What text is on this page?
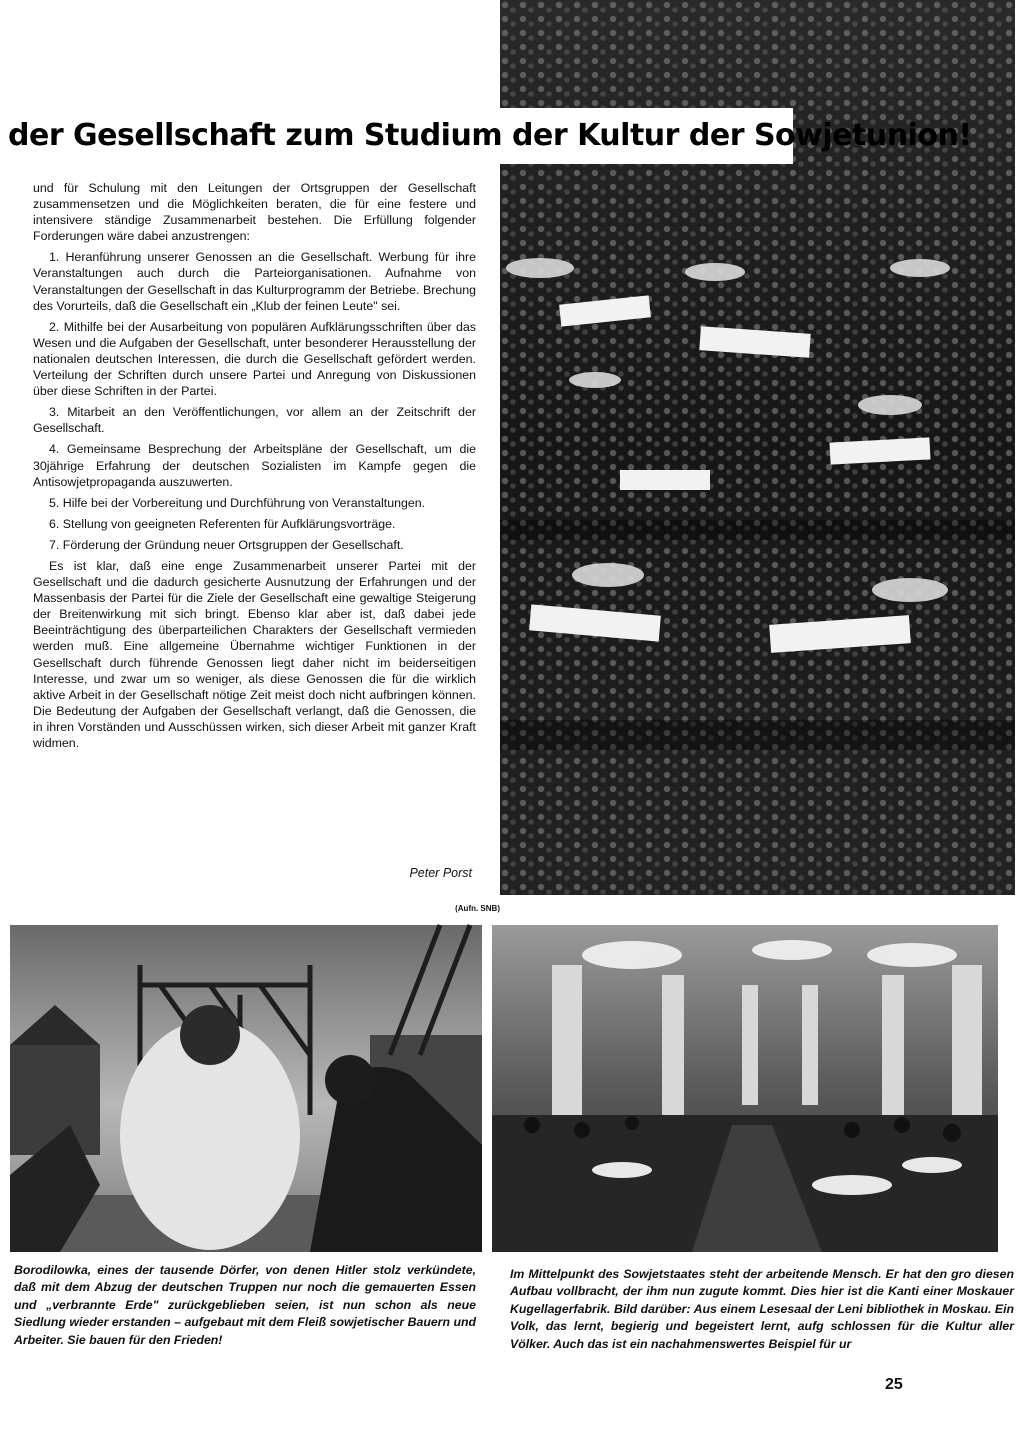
der Gesellschaft zum Studium der Kultur der Sowjetunion!

und für Schulung mit den Leitungen der Ortsgruppen der Gesellschaft zusammensetzen und die Möglichkeiten beraten, die für eine festere und intensivere ständige Zusammenarbeit bestehen. Die Erfüllung folgender Forderungen wäre dabei anzustrengen:

1. Heranführung unserer Genossen an die Gesellschaft. Werbung für ihre Veranstaltungen auch durch die Parteiorganisationen. Aufnahme von Veranstaltungen der Gesellschaft in das Kulturprogramm der Betriebe. Brechung des Vorurteils, daß die Gesellschaft ein „Klub der feinen Leute" sei.

2. Mithilfe bei der Ausarbeitung von populären Aufklärungsschriften über das Wesen und die Aufgaben der Gesellschaft, unter besonderer Herausstellung der nationalen deutschen Interessen, die durch die Gesellschaft gefördert werden. Verteilung der Schriften durch unsere Partei und Anregung von Diskussionen über diese Schriften in der Partei.

3. Mitarbeit an den Veröffentlichungen, vor allem an der Zeitschrift der Gesellschaft.

4. Gemeinsame Besprechung der Arbeitspläne der Gesellschaft, um die 30jährige Erfahrung der deutschen Sozialisten im Kampfe gegen die Antisowjetpropaganda auszuwerten.

5. Hilfe bei der Vorbereitung und Durchführung von Veranstaltungen.

6. Stellung von geeigneten Referenten für Aufklärungsvorträge.

7. Förderung der Gründung neuer Ortsgruppen der Gesellschaft.

Es ist klar, daß eine enge Zusammenarbeit unserer Partei mit der Gesellschaft und die dadurch gesicherte Ausnutzung der Erfahrungen und der Massenbasis der Partei für die Ziele der Gesellschaft eine gewaltige Steigerung der Breitenwirkung mit sich bringt. Ebenso klar aber ist, daß dabei jede Beeinträchtigung des überparteilichen Charakters der Gesellschaft vermieden werden muß. Eine allgemeine Übernahme wichtiger Funktionen in der Gesellschaft durch führende Genossen liegt daher nicht im beiderseitigen Interesse, und zwar um so weniger, als diese Genossen die für die wirklich aktive Arbeit in der Gesellschaft nötige Zeit meist doch nicht aufbringen können. Die Bedeutung der Aufgaben der Gesellschaft verlangt, daß die Genossen, die in ihren Vorständen und Ausschüssen wirken, sich dieser Arbeit mit ganzer Kraft widmen.

Peter Porst
(Aufn. SNB)
Borodilowka, eines der tausende Dörfer, von denen Hitler stolz verkündete, daß mit dem Abzug der deutschen Truppen nur noch die gemauerten Essen und „verbrannte Erde" zurückgeblieben seien, ist nun schon als neue Siedlung wieder erstanden – aufgebaut mit dem Fleiß sowjetischer Bauern und Arbeiter. Sie bauen für den Frieden!
Im Mittelpunkt des Sowjetstaates steht der arbeitende Mensch. Er hat den gro diesen Aufbau vollbracht, der ihm nun zugute kommt. Dies hier ist die Kanti einer Moskauer Kugellagerfabrik. Bild darüber: Aus einem Lesesaal der Leni bibliothek in Moskau. Ein Volk, das lernt, begierig und begeistert lernt, aufg schlossen für die Kultur aller Völker. Auch das ist ein nachahmenswertes Beispiel für ur
25
